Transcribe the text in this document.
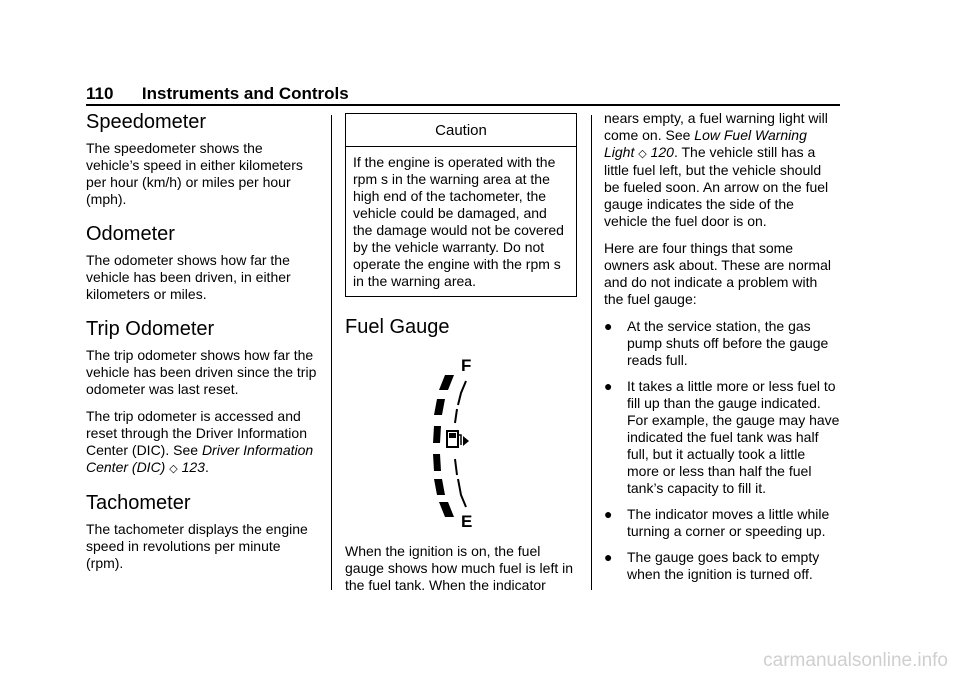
110 Instruments and Controls
Speedometer

The speedometer shows the vehicle’s speed in either kilometers per hour (km/h) or miles per hour (mph).

Odometer

The odometer shows how far the vehicle has been driven, in either kilometers or miles.

Trip Odometer

The trip odometer shows how far the vehicle has been driven since the trip odometer was last reset.

The trip odometer is accessed and reset through the Driver Information Center (DIC). See Driver Information Center (DIC) ◇ 123.

Tachometer

The tachometer displays the engine speed in revolutions per minute (rpm).

Caution
If the engine is operated with the rpm s in the warning area at the high end of the tachometer, the vehicle could be damaged, and the damage would not be covered by the vehicle warranty. Do not operate the engine with the rpm s in the warning area.
Fuel Gauge
F
E

When the ignition is on, the fuel gauge shows how much fuel is left in the fuel tank. When the indicator

nears empty, a fuel warning light will come on. See Low Fuel Warning Light ◇ 120. The vehicle still has a little fuel left, but the vehicle should be fueled soon. An arrow on the fuel gauge indicates the side of the vehicle the fuel door is on.

Here are four things that some owners ask about. These are normal and do not indicate a problem with the fuel gauge:

● At the service station, the gas pump shuts off before the gauge reads full.
● It takes a little more or less fuel to fill up than the gauge indicated. For example, the gauge may have indicated the fuel tank was half full, but it actually took a little more or less than half the fuel tank’s capacity to fill it.
● The indicator moves a little while turning a corner or speeding up.
● The gauge goes back to empty when the ignition is turned off.
carmanualsonline.info
